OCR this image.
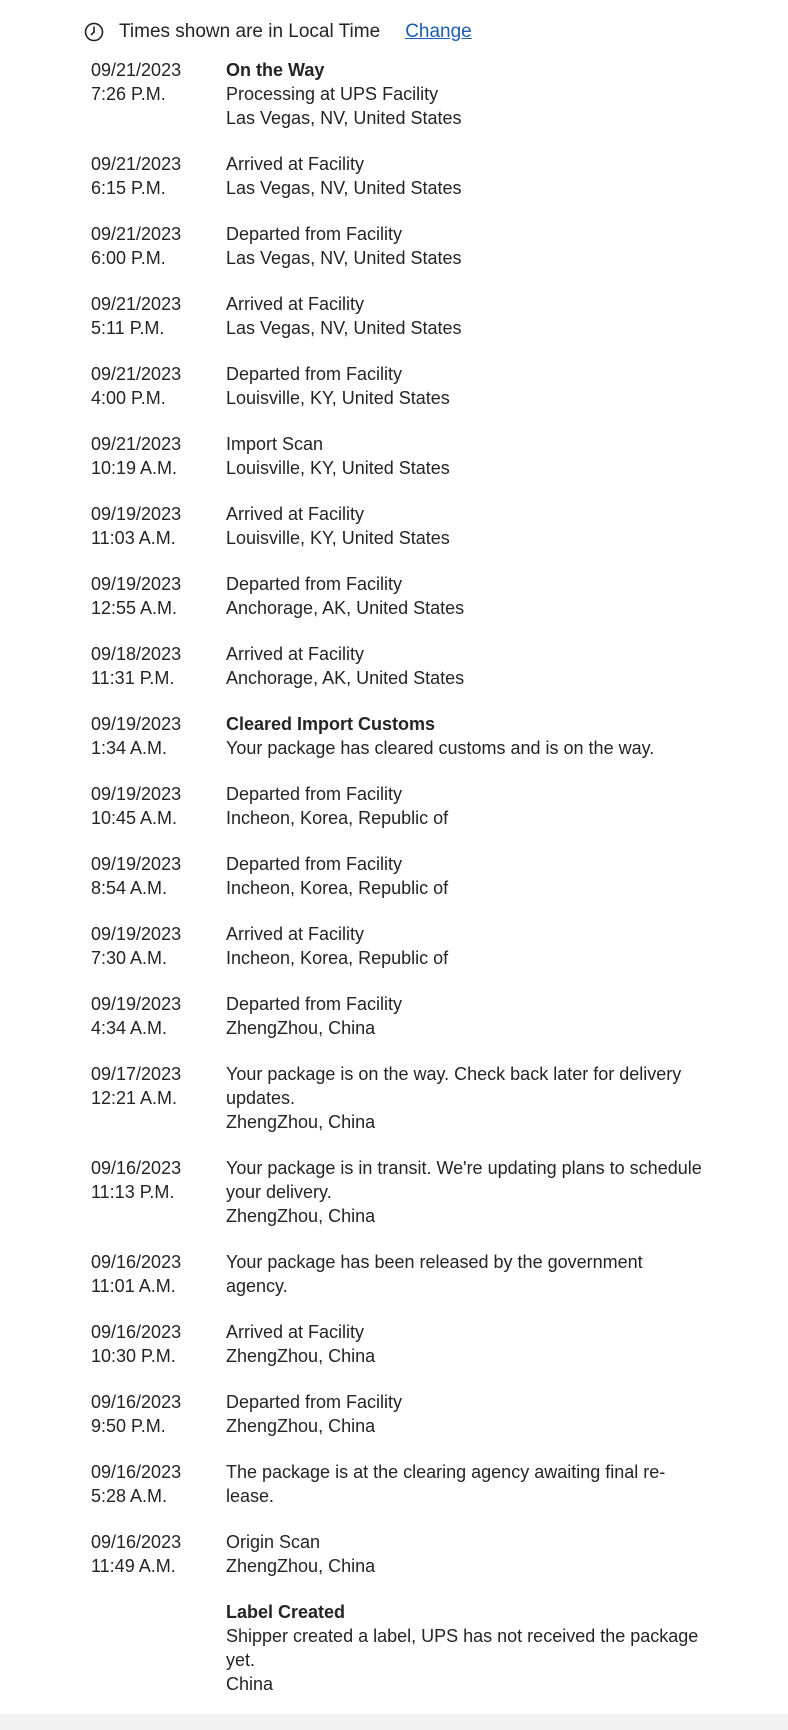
Times shown are in Local Time Change
09/21/2023
7:26 P.M.
On the Way
Processing at UPS Facility
Las Vegas, NV, United States
09/21/2023
6:15 P.M.
Arrived at Facility
Las Vegas, NV, United States
09/21/2023
6:00 P.M.
Departed from Facility
Las Vegas, NV, United States
09/21/2023
5:11 P.M.
Arrived at Facility
Las Vegas, NV, United States
09/21/2023
4:00 P.M.
Departed from Facility
Louisville, KY, United States
09/21/2023
10:19 A.M.
Import Scan
Louisville, KY, United States
09/19/2023
11:03 A.M.
Arrived at Facility
Louisville, KY, United States
09/19/2023
12:55 A.M.
Departed from Facility
Anchorage, AK, United States
09/18/2023
11:31 P.M.
Arrived at Facility
Anchorage, AK, United States
09/19/2023
1:34 A.M.
Cleared Import Customs
Your package has cleared customs and is on the way.
09/19/2023
10:45 A.M.
Departed from Facility
Incheon, Korea, Republic of
09/19/2023
8:54 A.M.
Departed from Facility
Incheon, Korea, Republic of
09/19/2023
7:30 A.M.
Arrived at Facility
Incheon, Korea, Republic of
09/19/2023
4:34 A.M.
Departed from Facility
ZhengZhou, China
09/17/2023
12:21 A.M.
Your package is on the way. Check back later for delivery updates.
ZhengZhou, China
09/16/2023
11:13 P.M.
Your package is in transit. We're updating plans to schedule your delivery.
ZhengZhou, China
09/16/2023
11:01 A.M.
Your package has been released by the government agency.
09/16/2023
10:30 P.M.
Arrived at Facility
ZhengZhou, China
09/16/2023
9:50 P.M.
Departed from Facility
ZhengZhou, China
09/16/2023
5:28 A.M.
The package is at the clearing agency awaiting final release.
09/16/2023
11:49 A.M.
Origin Scan
ZhengZhou, China
Label Created
Shipper created a label, UPS has not received the package yet.
China
